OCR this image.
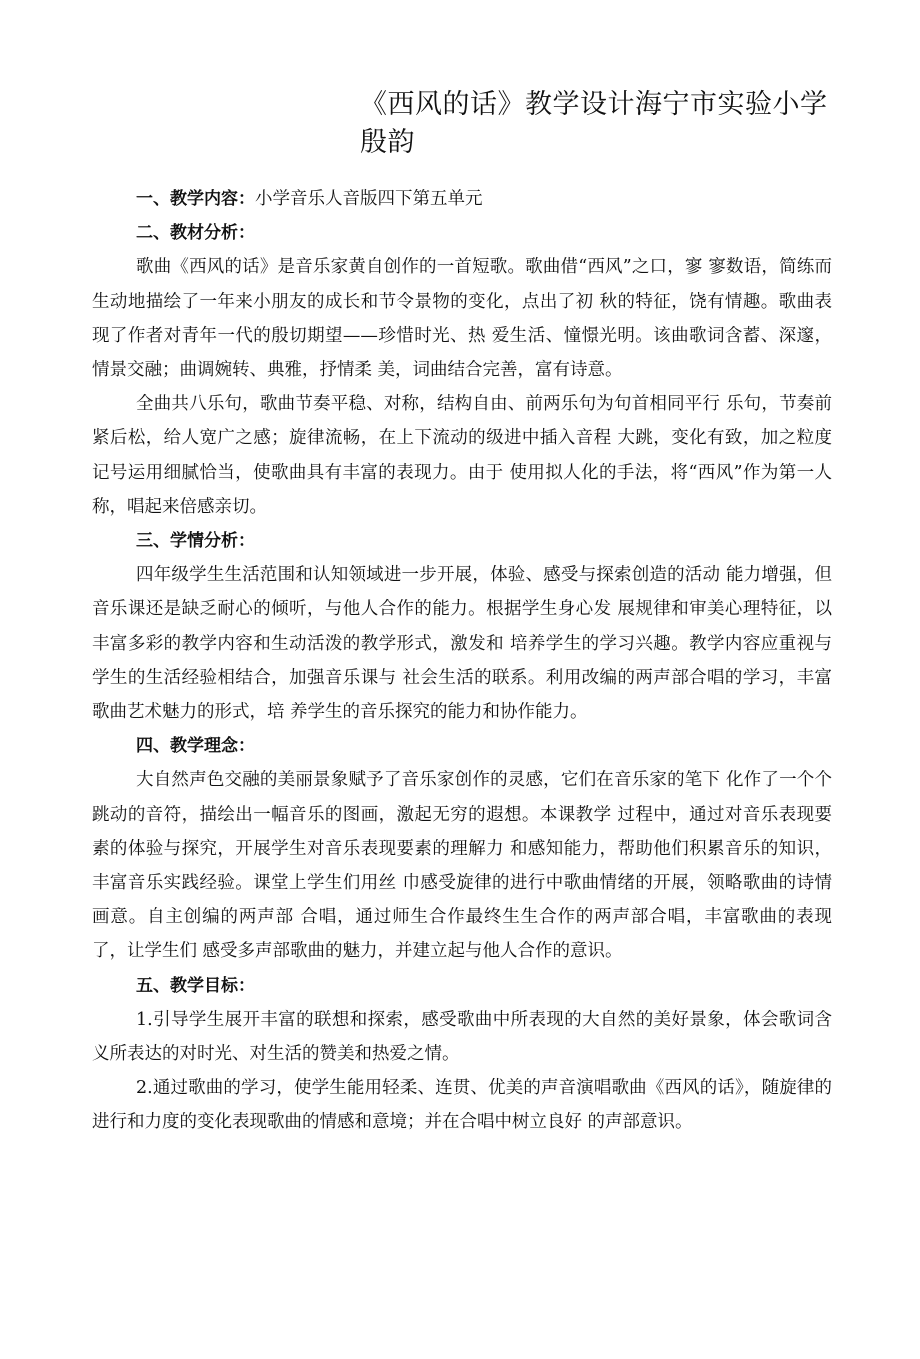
《西风的话》教学设计海宁市实验小学殷韵

一、教学内容：小学音乐人音版四下第五单元

二、教材分析：

歌曲《西风的话》是音乐家黄自创作的一首短歌。歌曲借“西风”之口，寥 寥数语，简练而生动地描绘了一年来小朋友的成长和节令景物的变化，点出了初 秋的特征，饶有情趣。歌曲表现了作者对青年一代的殷切期望——珍惜时光、热 爱生活、憧憬光明。该曲歌词含蓄、深邃，情景交融；曲调婉转、典雅，抒情柔 美，词曲结合完善，富有诗意。

全曲共八乐句，歌曲节奏平稳、对称，结构自由、前两乐句为句首相同平行 乐句，节奏前紧后松，给人宽广之感；旋律流畅，在上下流动的级进中插入音程 大跳，变化有致，加之粒度记号运用细腻恰当，使歌曲具有丰富的表现力。由于 使用拟人化的手法，将“西风”作为第一人称，唱起来倍感亲切。

三、学情分析：

四年级学生生活范围和认知领域进一步开展，体验、感受与探索创造的活动 能力增强，但音乐课还是缺乏耐心的倾听，与他人合作的能力。根据学生身心发 展规律和审美心理特征，以丰富多彩的教学内容和生动活泼的教学形式，激发和 培养学生的学习兴趣。教学内容应重视与学生的生活经验相结合，加强音乐课与 社会生活的联系。利用改编的两声部合唱的学习，丰富歌曲艺术魅力的形式，培 养学生的音乐探究的能力和协作能力。

四、教学理念：

大自然声色交融的美丽景象赋予了音乐家创作的灵感，它们在音乐家的笔下 化作了一个个跳动的音符，描绘出一幅音乐的图画，激起无穷的遐想。本课教学 过程中，通过对音乐表现要素的体验与探究，开展学生对音乐表现要素的理解力 和感知能力，帮助他们积累音乐的知识，丰富音乐实践经验。课堂上学生们用丝 巾感受旋律的进行中歌曲情绪的开展，领略歌曲的诗情画意。自主创编的两声部 合唱，通过师生合作最终生生合作的两声部合唱，丰富歌曲的表现了，让学生们 感受多声部歌曲的魅力，并建立起与他人合作的意识。

五、教学目标：

1.引导学生展开丰富的联想和探索，感受歌曲中所表现的大自然的美好景象，体会歌词含义所表达的对时光、对生活的赞美和热爱之情。

2.通过歌曲的学习，使学生能用轻柔、连贯、优美的声音演唱歌曲《西风的话》，随旋律的进行和力度的变化表现歌曲的情感和意境；并在合唱中树立良好 的声部意识。
